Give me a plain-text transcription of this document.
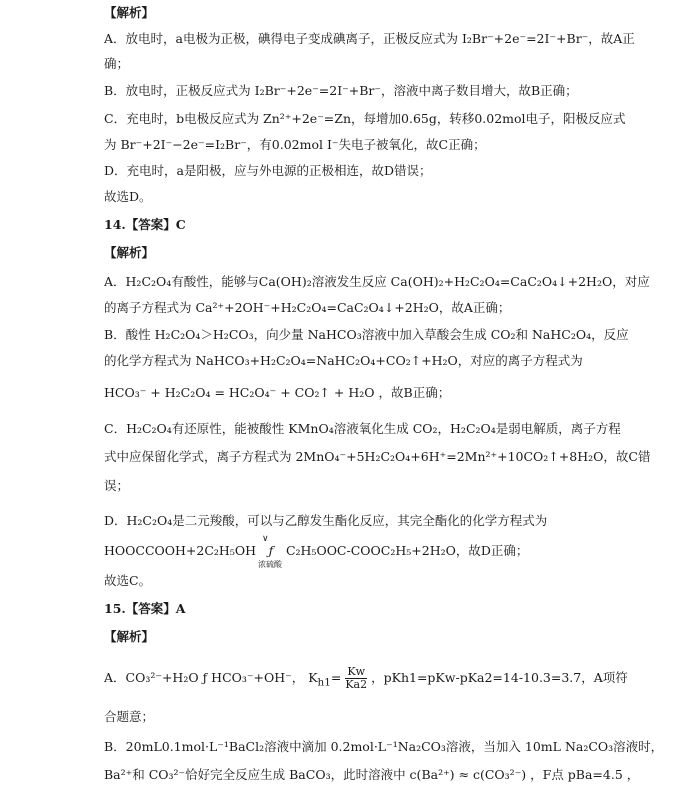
【解析】
A．放电时，a电极为正极，碘得电子变成碘离子，正极反应式为 I₂Br⁻+2e⁻=2I⁻+Br⁻，故A正
确；
B．放电时，正极反应式为 I₂Br⁻+2e⁻=2I⁻+Br⁻，溶液中离子数目增大，故B正确；
C．充电时，b电极反应式为 Zn²⁺+2e⁻=Zn，每增加0.65g，转移0.02mol电子，阳极反应式
为 Br⁻+2I⁻−2e⁻=I₂Br⁻，有0.02mol I⁻失电子被氧化，故C正确；
D．充电时，a是阳极，应与外电源的正极相连，故D错误；
故选D。
14.【答案】C
【解析】
A．H₂C₂O₄有酸性，能够与Ca(OH)₂溶液发生反应 Ca(OH)₂+H₂C₂O₄=CaC₂O₄↓+2H₂O，对应
的离子方程式为 Ca²⁺+2OH⁻+H₂C₂O₄=CaC₂O₄↓+2H₂O，故A正确；
B．酸性 H₂C₂O₄＞H₂CO₃，向少量 NaHCO₃溶液中加入草酸会生成 CO₂和 NaHC₂O₄，反应
的化学方程式为 NaHCO₃+H₂C₂O₄=NaHC₂O₄+CO₂↑+H₂O，对应的离子方程式为
HCO₃⁻ + H₂C₂O₄ = HC₂O₄⁻ + CO₂↑ + H₂O ，故B正确；
C．H₂C₂O₄有还原性，能被酸性 KMnO₄溶液氧化生成 CO₂，H₂C₂O₄是弱电解质，离子方程
式中应保留化学式，离子方程式为 2MnO₄⁻+5H₂C₂O₄+6H⁺=2Mn²⁺+10CO₂↑+8H₂O，故C错
误；
D．H₂C₂O₄是二元羧酸，可以与乙醇发生酯化反应，其完全酯化的化学方程式为
HOOCCOOH+2C₂H₅OH
∨
ƒ
浓硫酸
C₂H₅OOC-COOC₂H₅+2H₂O，故D正确；
故选C。
15.【答案】A
【解析】
A．CO₃²⁻+H₂O ƒ HCO₃⁻+OH⁻， $K_{h1}= \frac{Kw}{Ka2}$ ，pKh1=pKw-pKa2=14-10.3=3.7，A项符
合题意；
B．20mL0.1mol·L⁻¹BaCl₂溶液中滴加 0.2mol·L⁻¹Na₂CO₃溶液，当加入 10mL Na₂CO₃溶液时，
Ba²⁺和 CO₃²⁻恰好完全反应生成 BaCO₃，此时溶液中 c(Ba²⁺) ≈ c(CO₃²⁻) ，F点 pBa=4.5 ，
